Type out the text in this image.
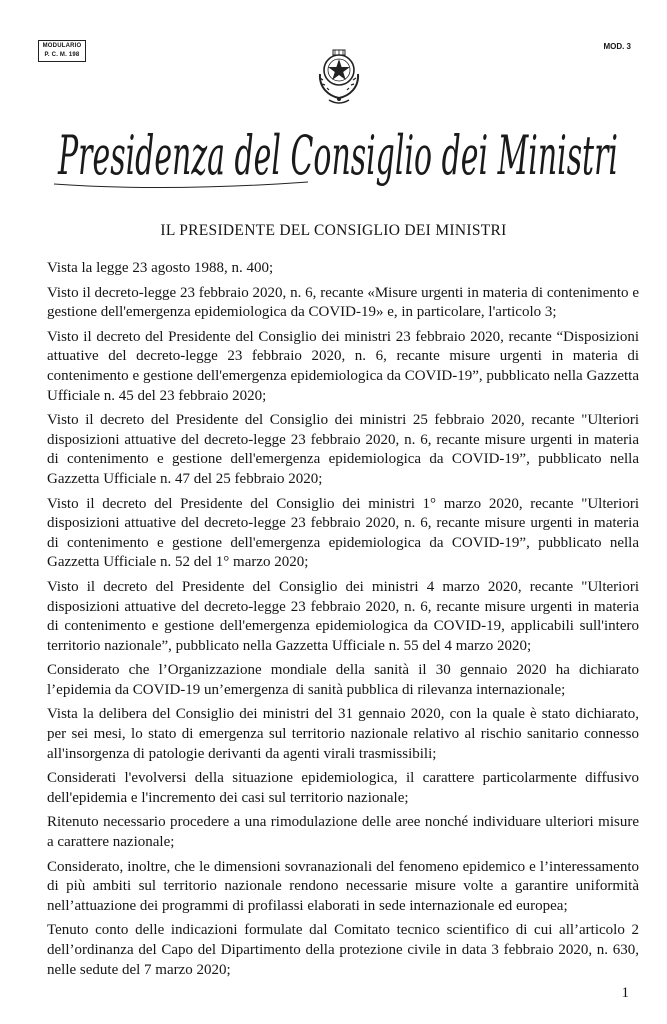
MODULARIO
P. C. M. 198
MOD. 3
Presidenza del Consiglio dei Ministri
IL PRESIDENTE DEL CONSIGLIO DEI MINISTRI

Vista la legge 23 agosto 1988, n. 400;

Visto il decreto-legge 23 febbraio 2020, n. 6, recante «Misure urgenti in materia di contenimento e gestione dell'emergenza epidemiologica da COVID-19» e, in particolare, l'articolo 3;

Visto il decreto del Presidente del Consiglio dei ministri 23 febbraio 2020, recante “Disposizioni attuative del decreto-legge 23 febbraio 2020, n. 6, recante misure urgenti in materia di contenimento e gestione dell'emergenza epidemiologica da COVID-19”, pubblicato nella Gazzetta Ufficiale n. 45 del 23 febbraio 2020;

Visto il decreto del Presidente del Consiglio dei ministri 25 febbraio 2020, recante "Ulteriori disposizioni attuative del decreto-legge 23 febbraio 2020, n. 6, recante misure urgenti in materia di contenimento e gestione dell'emergenza epidemiologica da COVID-19”, pubblicato nella Gazzetta Ufficiale n. 47 del 25 febbraio 2020;

Visto il decreto del Presidente del Consiglio dei ministri 1° marzo 2020, recante "Ulteriori disposizioni attuative del decreto-legge 23 febbraio 2020, n. 6, recante misure urgenti in materia di contenimento e gestione dell'emergenza epidemiologica da COVID-19”, pubblicato nella Gazzetta Ufficiale n. 52 del 1° marzo 2020;

Visto il decreto del Presidente del Consiglio dei ministri 4 marzo 2020, recante "Ulteriori disposizioni attuative del decreto-legge 23 febbraio 2020, n. 6, recante misure urgenti in materia di contenimento e gestione dell'emergenza epidemiologica da COVID-19, applicabili sull'intero territorio nazionale”, pubblicato nella Gazzetta Ufficiale n. 55 del 4 marzo 2020;

Considerato che l’Organizzazione mondiale della sanità il 30 gennaio 2020 ha dichiarato l’epidemia da COVID-19 un’emergenza di sanità pubblica di rilevanza internazionale;

Vista la delibera del Consiglio dei ministri del 31 gennaio 2020, con la quale è stato dichiarato, per sei mesi, lo stato di emergenza sul territorio nazionale relativo al rischio sanitario connesso all'insorgenza di patologie derivanti da agenti virali trasmissibili;

Considerati l'evolversi della situazione epidemiologica, il carattere particolarmente diffusivo dell'epidemia e l'incremento dei casi sul territorio nazionale;

Ritenuto necessario procedere a una rimodulazione delle aree nonché individuare ulteriori misure a carattere nazionale;

Considerato, inoltre, che le dimensioni sovranazionali del fenomeno epidemico e l’interessamento di più ambiti sul territorio nazionale rendono necessarie misure volte a garantire uniformità nell’attuazione dei programmi di profilassi elaborati in sede internazionale ed europea;

Tenuto conto delle indicazioni formulate dal Comitato tecnico scientifico di cui all’articolo 2 dell’ordinanza del Capo del Dipartimento della protezione civile in data 3 febbraio 2020, n. 630, nelle sedute del 7 marzo 2020;

1
